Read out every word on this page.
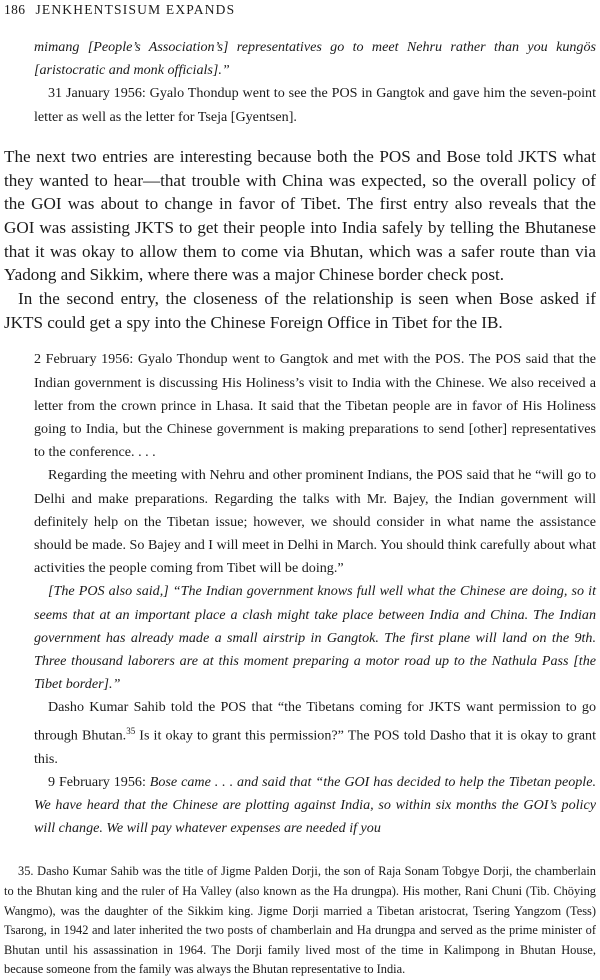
186 JENKHENTSISUM EXPANDS

mimang [People’s Association’s] representatives go to meet Nehru rather than you kungös [aristocratic and monk officials].”

31 January 1956: Gyalo Thondup went to see the POS in Gangtok and gave him the seven-point letter as well as the letter for Tseja [Gyentsen].

The next two entries are interesting because both the POS and Bose told JKTS what they wanted to hear—that trouble with China was expected, so the overall policy of the GOI was about to change in favor of Tibet. The first entry also reveals that the GOI was assisting JKTS to get their people into India safely by telling the Bhutanese that it was okay to allow them to come via Bhutan, which was a safer route than via Yadong and Sikkim, where there was a major Chinese border check post.

In the second entry, the closeness of the relationship is seen when Bose asked if JKTS could get a spy into the Chinese Foreign Office in Tibet for the IB.

2 February 1956: Gyalo Thondup went to Gangtok and met with the POS. The POS said that the Indian government is discussing His Holiness’s visit to India with the Chinese. We also received a letter from the crown prince in Lhasa. It said that the Tibetan people are in favor of His Holiness going to India, but the Chinese government is making preparations to send [other] representatives to the conference. . . .

Regarding the meeting with Nehru and other prominent Indians, the POS said that he “will go to Delhi and make preparations. Regarding the talks with Mr. Bajey, the Indian government will definitely help on the Tibetan issue; however, we should consider in what name the assistance should be made. So Bajey and I will meet in Delhi in March. You should think carefully about what activities the people coming from Tibet will be doing.”

[The POS also said,] “The Indian government knows full well what the Chinese are doing, so it seems that at an important place a clash might take place between India and China. The Indian government has already made a small airstrip in Gangtok. The first plane will land on the 9th. Three thousand laborers are at this moment preparing a motor road up to the Nathula Pass [the Tibet border].”

Dasho Kumar Sahib told the POS that “the Tibetans coming for JKTS want permission to go through Bhutan.$^{35}$ Is it okay to grant this permission?” The POS told Dasho that it is okay to grant this.

9 February 1956: Bose came . . . and said that “the GOI has decided to help the Tibetan people. We have heard that the Chinese are plotting against India, so within six months the GOI’s policy will change. We will pay whatever expenses are needed if you

35. Dasho Kumar Sahib was the title of Jigme Palden Dorji, the son of Raja Sonam Tobgye Dorji, the chamberlain to the Bhutan king and the ruler of Ha Valley (also known as the Ha drungpa). His mother, Rani Chuni (Tib. Chöying Wangmo), was the daughter of the Sikkim king. Jigme Dorji married a Tibetan aristocrat, Tsering Yangzom (Tess) Tsarong, in 1942 and later inherited the two posts of chamberlain and Ha drungpa and served as the prime minister of Bhutan until his assassination in 1964. The Dorji family lived most of the time in Kalimpong in Bhutan House, because someone from the family was always the Bhutan representative to India.
